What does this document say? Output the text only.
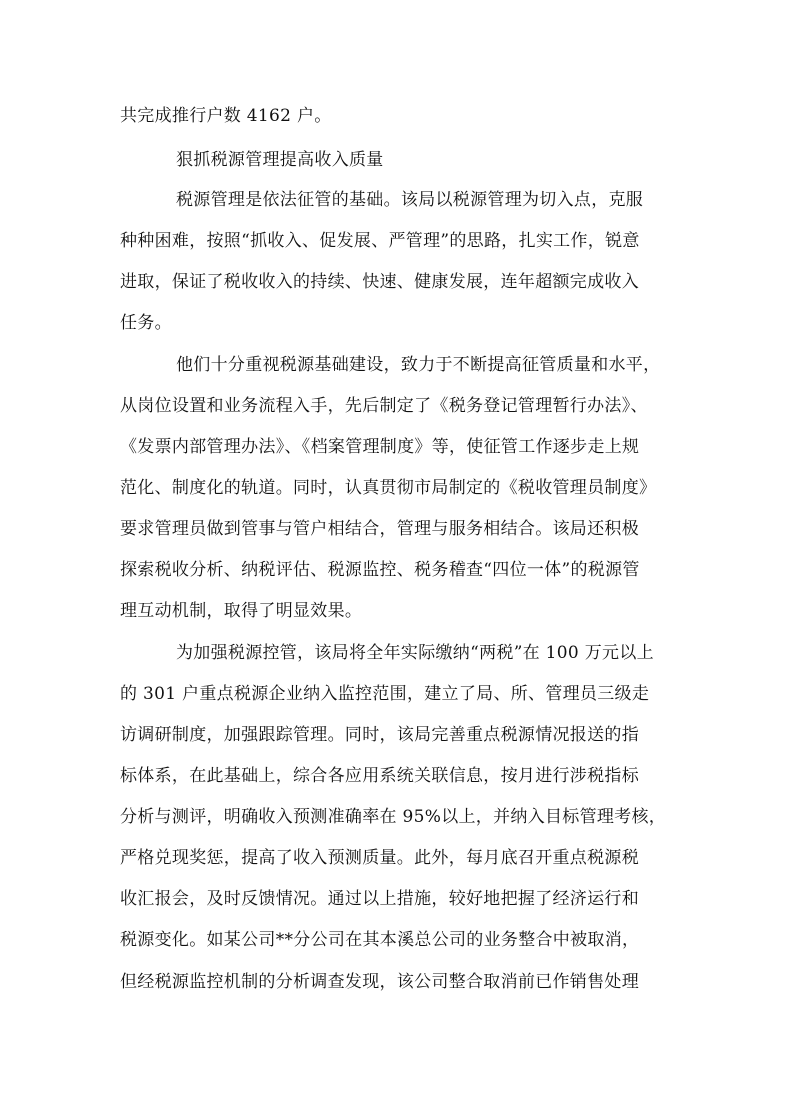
共完成推行户数 4162 户。
狠抓税源管理提高收入质量
税源管理是依法征管的基础。该局以税源管理为切入点，克服
种种困难，按照“抓收入、促发展、严管理”的思路，扎实工作，锐意
进取，保证了税收收入的持续、快速、健康发展，连年超额完成收入
任务。
他们十分重视税源基础建设，致力于不断提高征管质量和水平，
从岗位设置和业务流程入手，先后制定了《税务登记管理暂行办法》、
《发票内部管理办法》、《档案管理制度》等，使征管工作逐步走上规
范化、制度化的轨道。同时，认真贯彻市局制定的《税收管理员制度》
要求管理员做到管事与管户相结合，管理与服务相结合。该局还积极
探索税收分析、纳税评估、税源监控、税务稽查“四位一体”的税源管
理互动机制，取得了明显效果。
为加强税源控管，该局将全年实际缴纳“两税”在 100 万元以上
的 301 户重点税源企业纳入监控范围，建立了局、所、管理员三级走
访调研制度，加强跟踪管理。同时，该局完善重点税源情况报送的指
标体系，在此基础上，综合各应用系统关联信息，按月进行涉税指标
分析与测评，明确收入预测准确率在 95%以上，并纳入目标管理考核，
严格兑现奖惩，提高了收入预测质量。此外，每月底召开重点税源税
收汇报会，及时反馈情况。通过以上措施，较好地把握了经济运行和
税源变化。如某公司**分公司在其本溪总公司的业务整合中被取消，
但经税源监控机制的分析调查发现，该公司整合取消前已作销售处理
